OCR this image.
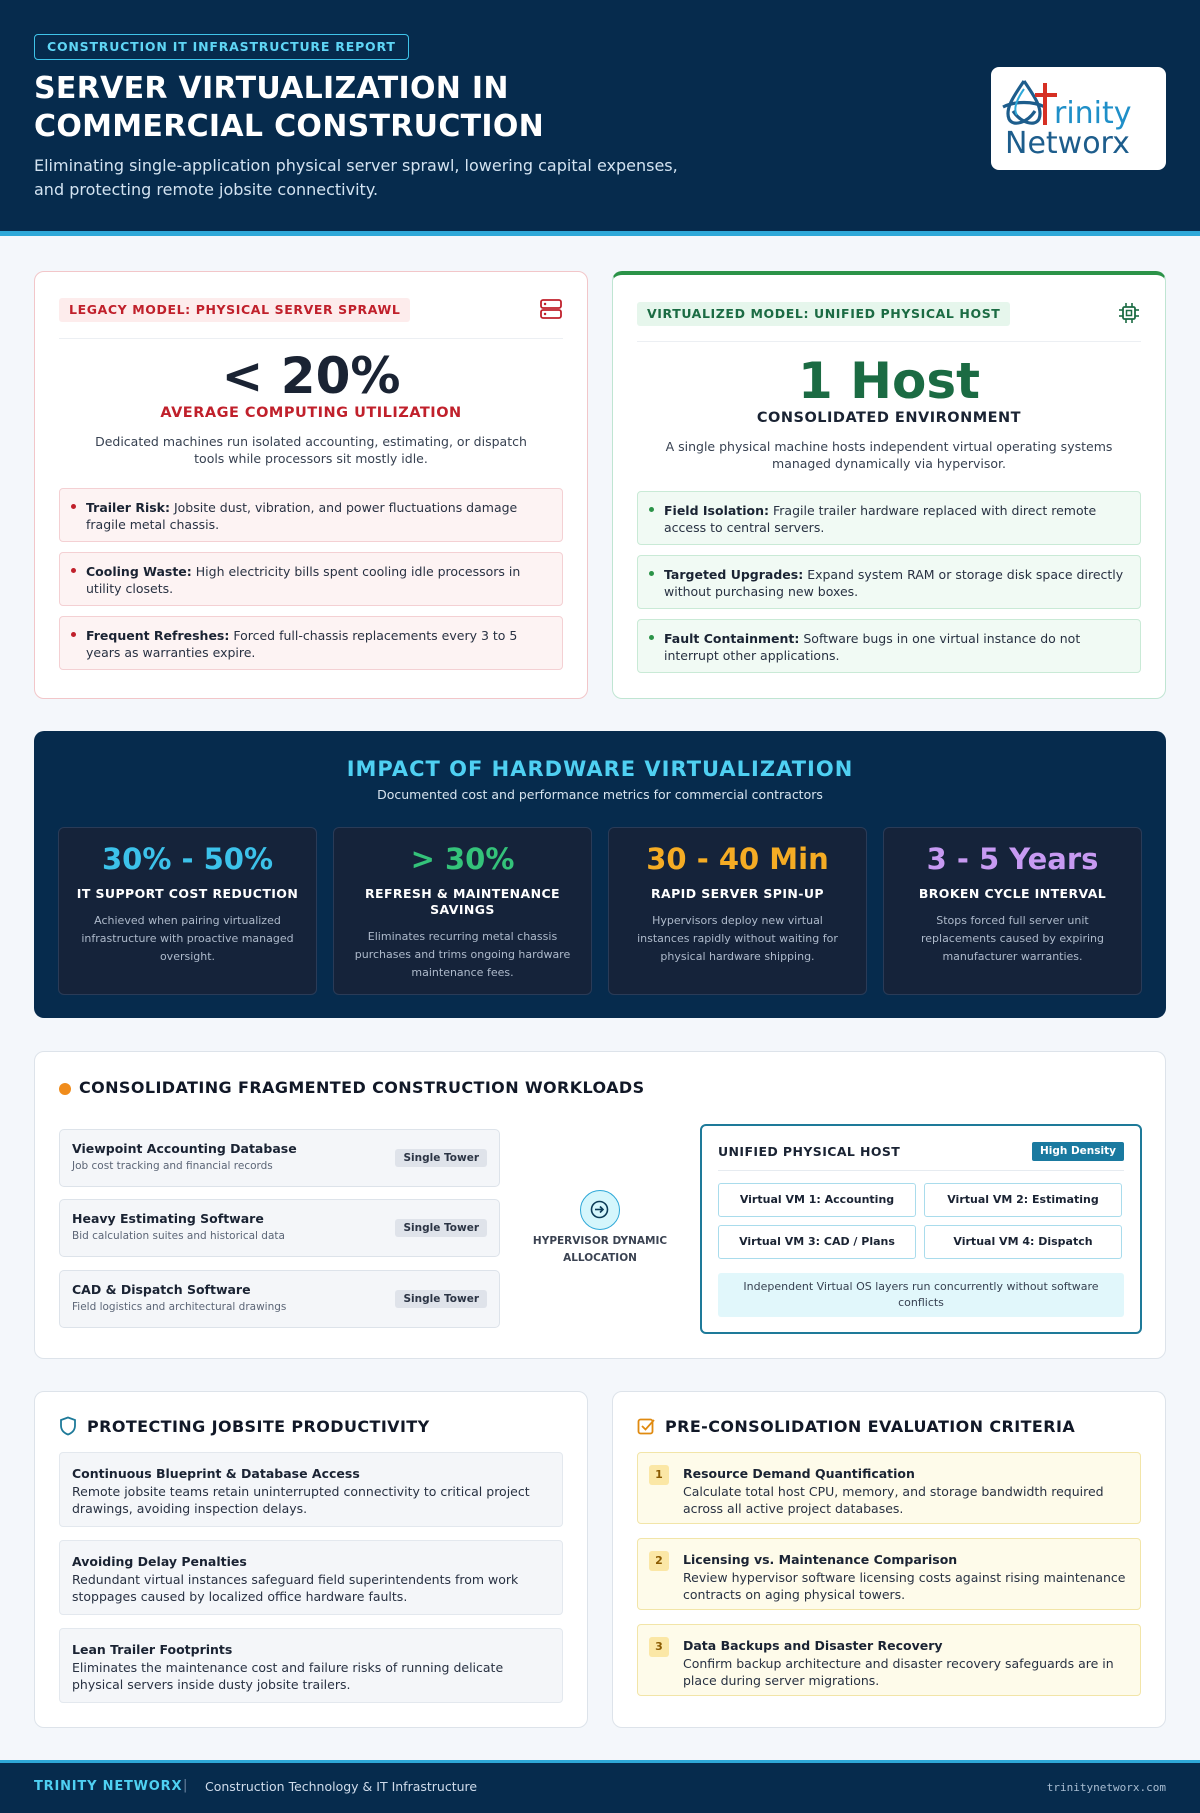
CONSTRUCTION IT INFRASTRUCTURE REPORT
SERVER VIRTUALIZATION IN
COMMERCIAL CONSTRUCTION
Eliminating single-application physical server sprawl, lowering capital expenses,
and protecting remote jobsite connectivity.
rinity
Networx
LEGACY MODEL: PHYSICAL SERVER SPRAWL
< 20%
AVERAGE COMPUTING UTILIZATION
Dedicated machines run isolated accounting, estimating, or dispatch tools while processors sit mostly idle.
Trailer Risk: Jobsite dust, vibration, and power fluctuations damage fragile metal chassis.
Cooling Waste: High electricity bills spent cooling idle processors in utility closets.
Frequent Refreshes: Forced full-chassis replacements every 3 to 5 years as warranties expire.
VIRTUALIZED MODEL: UNIFIED PHYSICAL HOST
1 Host
CONSOLIDATED ENVIRONMENT
A single physical machine hosts independent virtual operating systems managed dynamically via hypervisor.
Field Isolation: Fragile trailer hardware replaced with direct remote access to central servers.
Targeted Upgrades: Expand system RAM or storage disk space directly without purchasing new boxes.
Fault Containment: Software bugs in one virtual instance do not interrupt other applications.
IMPACT OF HARDWARE VIRTUALIZATION
Documented cost and performance metrics for commercial contractors
30% - 50%
IT SUPPORT COST REDUCTION
Achieved when pairing virtualized
infrastructure with proactive managed
oversight.
> 30%
REFRESH & MAINTENANCE
SAVINGS
Eliminates recurring metal chassis
purchases and trims ongoing hardware
maintenance fees.
30 - 40 Min
RAPID SERVER SPIN-UP
Hypervisors deploy new virtual
instances rapidly without waiting for
physical hardware shipping.
3 - 5 Years
BROKEN CYCLE INTERVAL
Stops forced full server unit
replacements caused by expiring
manufacturer warranties.
CONSOLIDATING FRAGMENTED CONSTRUCTION WORKLOADS
Viewpoint Accounting Database
Job cost tracking and financial records
Single Tower
Heavy Estimating Software
Bid calculation suites and historical data
Single Tower
CAD & Dispatch Software
Field logistics and architectural drawings
Single Tower
HYPERVISOR DYNAMIC
ALLOCATION
UNIFIED PHYSICAL HOST	High Density
Virtual VM 1: Accounting	Virtual VM 2: Estimating
Virtual VM 3: CAD / Plans	Virtual VM 4: Dispatch
Independent Virtual OS layers run concurrently without software conflicts
PROTECTING JOBSITE PRODUCTIVITY
Continuous Blueprint & Database Access
Remote jobsite teams retain uninterrupted connectivity to critical project drawings, avoiding inspection delays.
Avoiding Delay Penalties
Redundant virtual instances safeguard field superintendents from work stoppages caused by localized office hardware faults.
Lean Trailer Footprints
Eliminates the maintenance cost and failure risks of running delicate physical servers inside dusty jobsite trailers.
PRE-CONSOLIDATION EVALUATION CRITERIA
1	Resource Demand Quantification
Calculate total host CPU, memory, and storage bandwidth required across all active project databases.
2	Licensing vs. Maintenance Comparison
Review hypervisor software licensing costs against rising maintenance contracts on aging physical towers.
3	Data Backups and Disaster Recovery
Confirm backup architecture and disaster recovery safeguards are in place during server migrations.
TRINITY NETWORX | Construction Technology & IT Infrastructure	trinitynetworx.com
